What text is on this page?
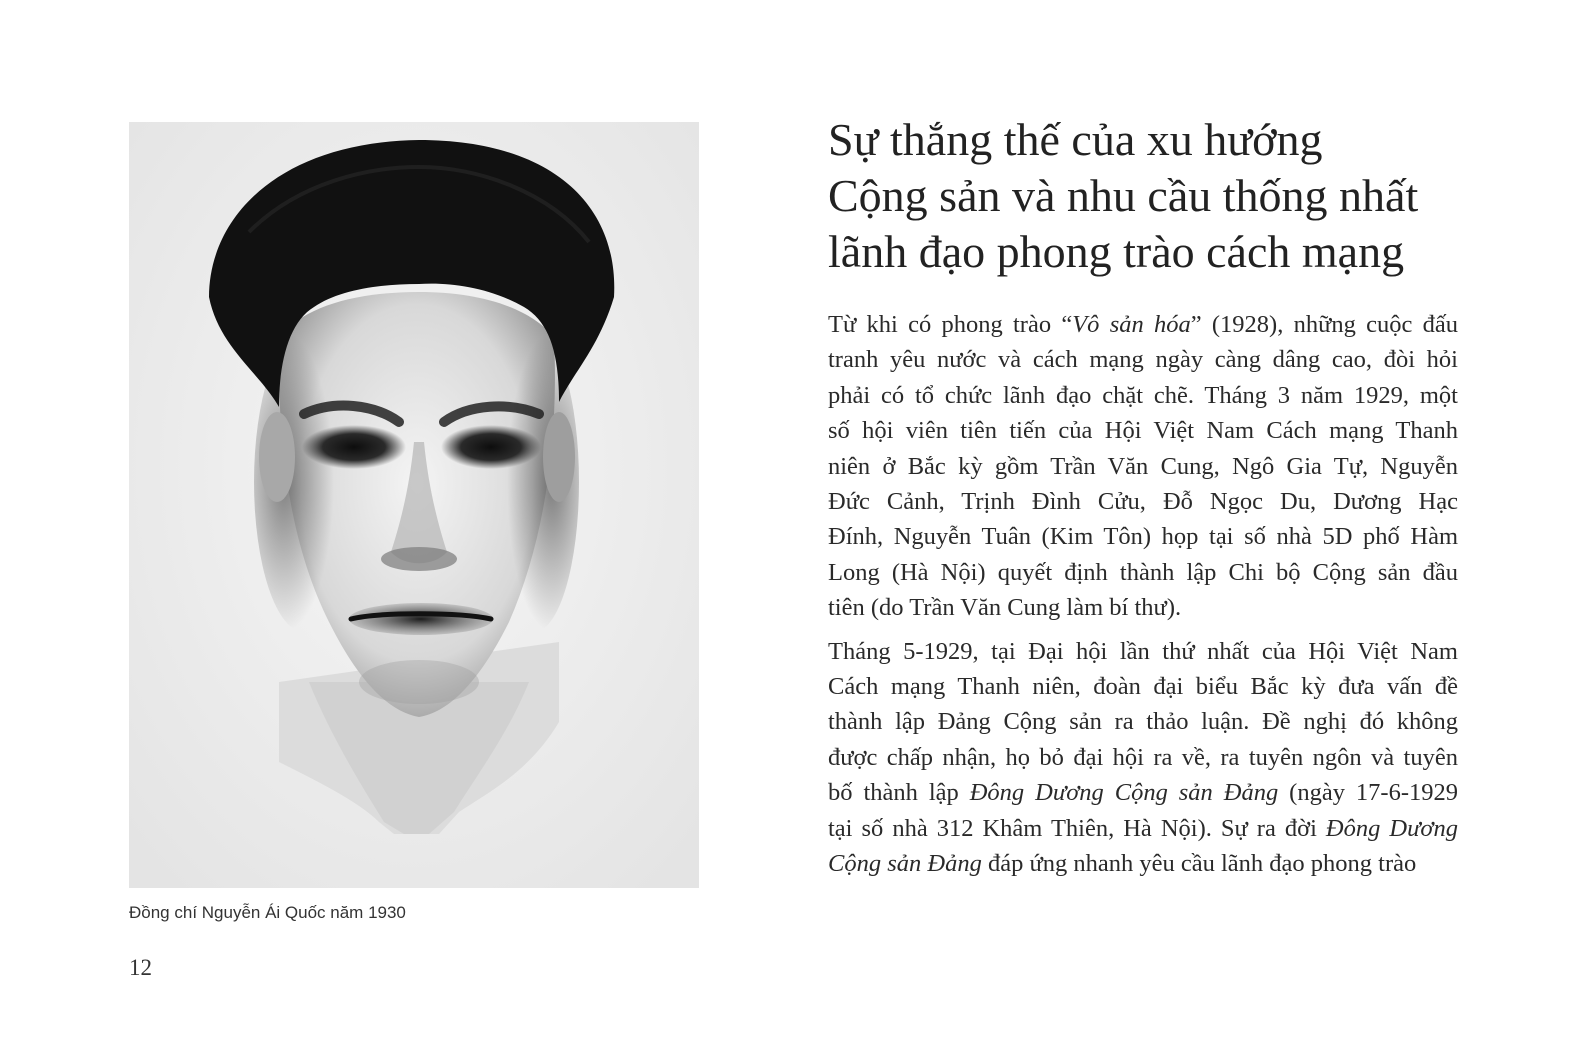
Đồng chí Nguyễn Ái Quốc năm 1930
12
Sự thắng thế của xu hướng
Cộng sản và nhu cầu thống nhất
lãnh đạo phong trào cách mạng
Từ khi có phong trào “Vô sản hóa” (1928), những cuộc đấu
tranh yêu nước và cách mạng ngày càng dâng cao, đòi hỏi
phải có tổ chức lãnh đạo chặt chẽ. Tháng 3 năm 1929, một
số hội viên tiên tiến của Hội Việt Nam Cách mạng Thanh
niên ở Bắc kỳ gồm Trần Văn Cung, Ngô Gia Tự, Nguyễn
Đức Cảnh, Trịnh Đình Cửu, Đỗ Ngọc Du, Dương Hạc
Đính, Nguyễn Tuân (Kim Tôn) họp tại số nhà 5D phố Hàm
Long (Hà Nội) quyết định thành lập Chi bộ Cộng sản đầu
tiên (do Trần Văn Cung làm bí thư).
Tháng 5-1929, tại Đại hội lần thứ nhất của Hội Việt Nam
Cách mạng Thanh niên, đoàn đại biểu Bắc kỳ đưa vấn đề
thành lập Đảng Cộng sản ra thảo luận. Đề nghị đó không
được chấp nhận, họ bỏ đại hội ra về, ra tuyên ngôn và tuyên
bố thành lập Đông Dương Cộng sản Đảng (ngày 17-6-1929
tại số nhà 312 Khâm Thiên, Hà Nội). Sự ra đời Đông Dương
Cộng sản Đảng đáp ứng nhanh yêu cầu lãnh đạo phong trào
